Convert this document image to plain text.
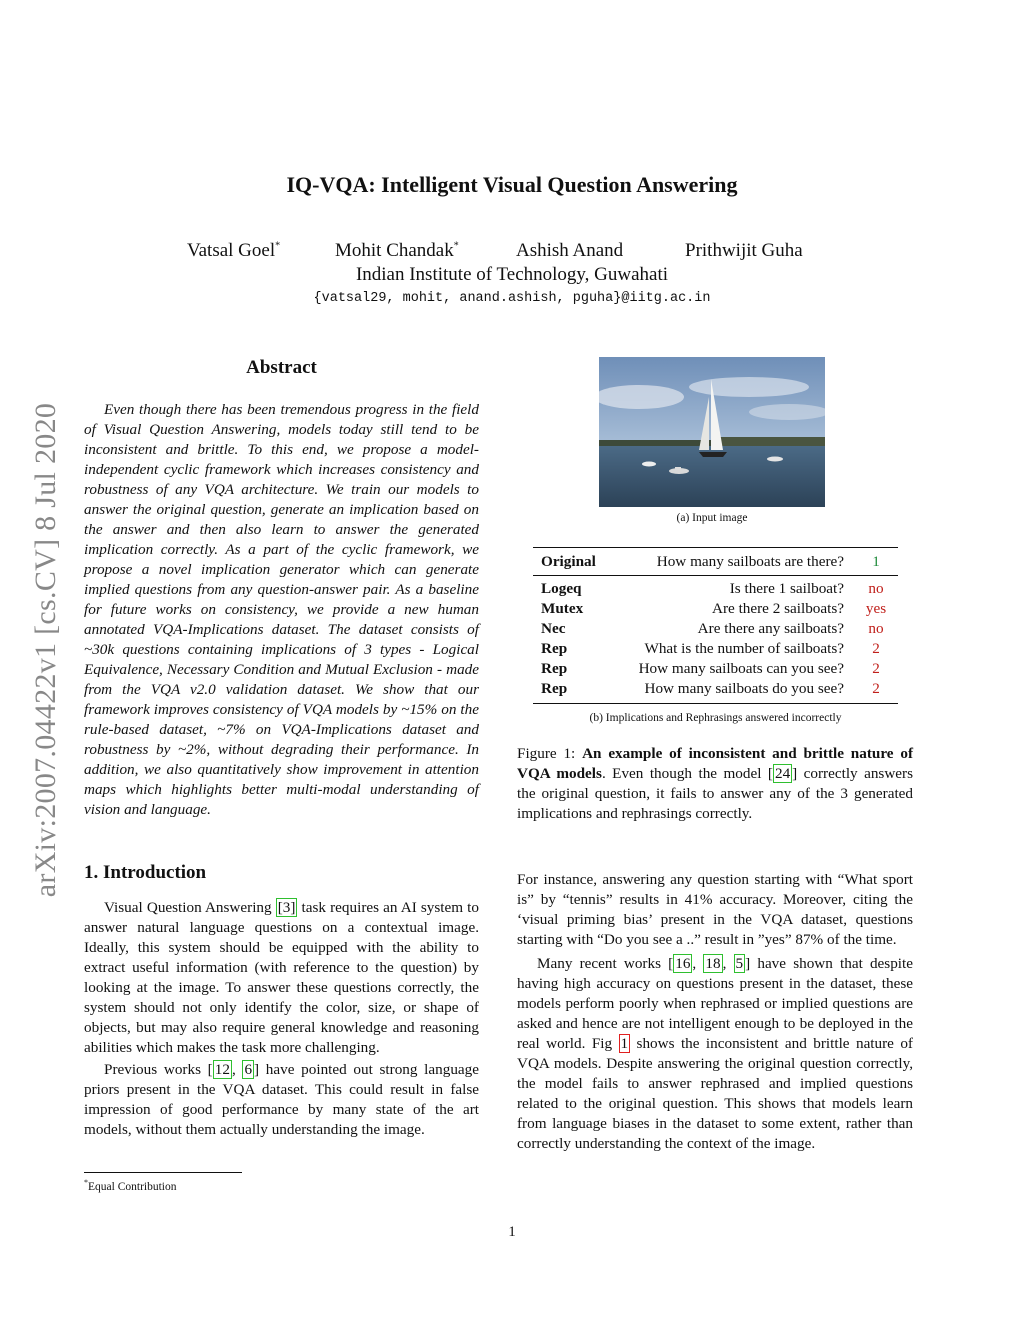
arXiv:2007.04422v1 [cs.CV] 8 Jul 2020
IQ-VQA: Intelligent Visual Question Answering
Vatsal Goel*	Mohit Chandak*	Ashish Anand	Prithwijit Guha
Indian Institute of Technology, Guwahati
{vatsal29, mohit, anand.ashish, pguha}@iitg.ac.in
Abstract
Even though there has been tremendous progress in the field of Visual Question Answering, models today still tend to be inconsistent and brittle. To this end, we propose a model-independent cyclic framework which increases consistency and robustness of any VQA architecture. We train our models to answer the original question, generate an implication based on the answer and then also learn to answer the generated implication correctly. As a part of the cyclic framework, we propose a novel implication generator which can generate implied questions from any question-answer pair. As a baseline for future works on consistency, we provide a new human annotated VQA-Implications dataset. The dataset consists of ~30k questions containing implications of 3 types - Logical Equivalence, Necessary Condition and Mutual Exclusion - made from the VQA v2.0 validation dataset. We show that our framework improves consistency of VQA models by ~15% on the rule-based dataset, ~7% on VQA-Implications dataset and robustness by ~2%, without degrading their performance. In addition, we also quantitatively show improvement in attention maps which highlights better multi-modal understanding of vision and language.
1. Introduction

Visual Question Answering [3] task requires an AI system to answer natural language questions on a contextual image. Ideally, this system should be equipped with the ability to extract useful information (with reference to the question) by looking at the image. To answer these questions correctly, the system should not only identify the color, size, or shape of objects, but may also require general knowledge and reasoning abilities which makes the task more challenging.

Previous works [ 12 , 6 ] have pointed out strong language priors present in the VQA dataset. This could result in false impression of good performance by many state of the art models, without them actually understanding the image.

*Equal Contribution
(a) Input image
Original	How many sailboats are there?	1
Logeq	Is there 1 sailboat?	no
Mutex	Are there 2 sailboats?	yes
Nec	Are there any sailboats?	no
Rep	What is the number of sailboats?	2
Rep	How many sailboats can you see?	2
Rep	How many sailboats do you see?	2
(b) Implications and Rephrasings answered incorrectly
Figure 1: An example of inconsistent and brittle nature of VQA models. Even though the model [ 24 ] correctly answers the original question, it fails to answer any of the 3 generated implications and rephrasings correctly.

For instance, answering any question starting with “What sport is” by “tennis” results in 41% accuracy. Moreover, citing the ‘visual priming bias’ present in the VQA dataset, questions starting with “Do you see a ..” result in ”yes” 87% of the time.

Many recent works [ 16 , 18 , 5 ] have shown that despite having high accuracy on questions present in the dataset, these models perform poorly when rephrased or implied questions are asked and hence are not intelligent enough to be deployed in the real world. Fig 1 shows the inconsistent and brittle nature of VQA models. Despite answering the original question correctly, the model fails to answer rephrased and implied questions related to the original question. This shows that models learn from language biases in the dataset to some extent, rather than correctly understanding the context of the image.

1
